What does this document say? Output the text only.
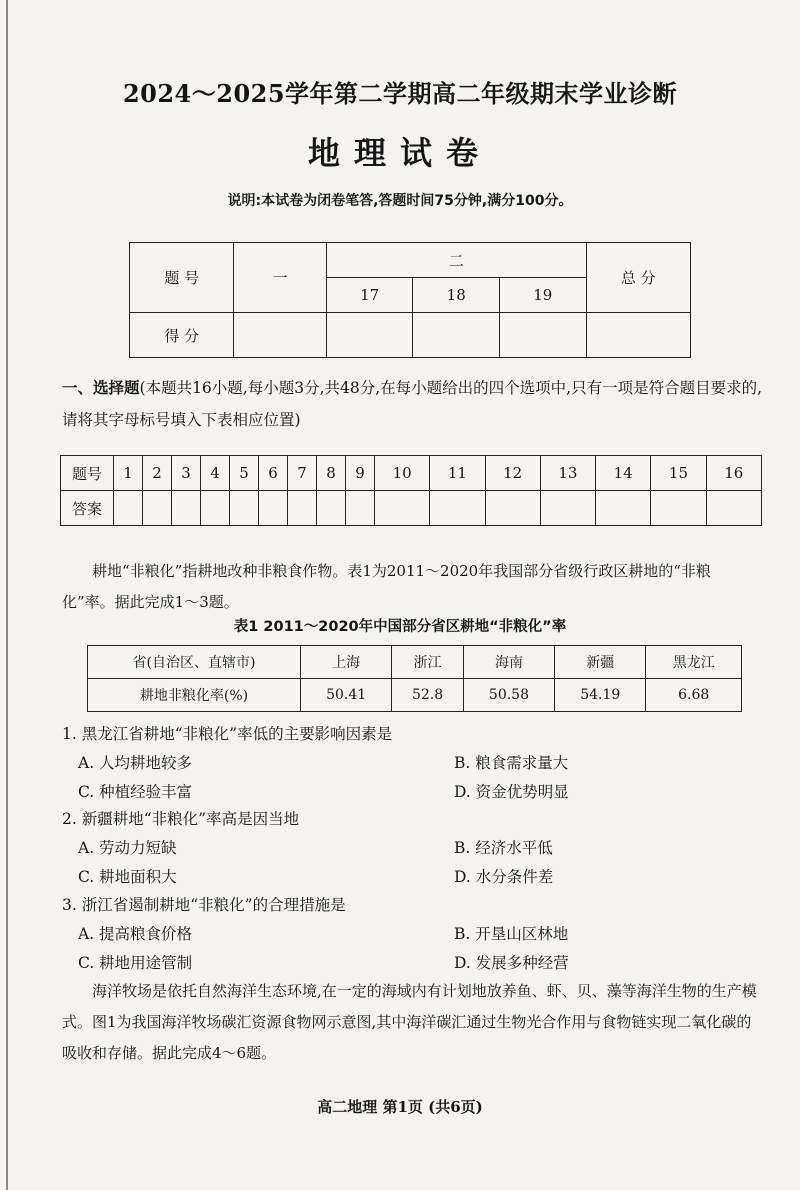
2024～2025学年第二学期高二年级期末学业诊断
地理试卷
说明:本试卷为闭卷笔答,答题时间75分钟,满分100分。
题 号	一	二			总 分
		17	18	19	
得 分					
一、选择题(本题共16小题,每小题3分,共48分,在每小题给出的四个选项中,只有一项是符合题目要求的,请将其字母标号填入下表相应位置)
题号	1	2	3	4	5	6	7	8	9	10	11	12	13	14	15	16
答案																
耕地“非粮化”指耕地改种非粮食作物。表1为2011～2020年我国部分省级行政区耕地的“非粮化”率。据此完成1～3题。
表1 2011～2020年中国部分省区耕地“非粮化”率
省(自治区、直辖市)	上海	浙江	海南	新疆	黑龙江
耕地非粮化率(%)	50.41	52.8	50.58	54.19	6.68
1. 黑龙江省耕地“非粮化”率低的主要影响因素是
A. 人均耕地较多	B. 粮食需求量大
C. 种植经验丰富	D. 资金优势明显
2. 新疆耕地“非粮化”率高是因当地
A. 劳动力短缺	B. 经济水平低
C. 耕地面积大	D. 水分条件差
3. 浙江省遏制耕地“非粮化”的合理措施是
A. 提高粮食价格	B. 开垦山区林地
C. 耕地用途管制	D. 发展多种经营
海洋牧场是依托自然海洋生态环境,在一定的海域内有计划地放养鱼、虾、贝、藻等海洋生物的生产模式。图1为我国海洋牧场碳汇资源食物网示意图,其中海洋碳汇通过生物光合作用与食物链实现二氧化碳的吸收和存储。据此完成4～6题。
高二地理 第1页 (共6页)
